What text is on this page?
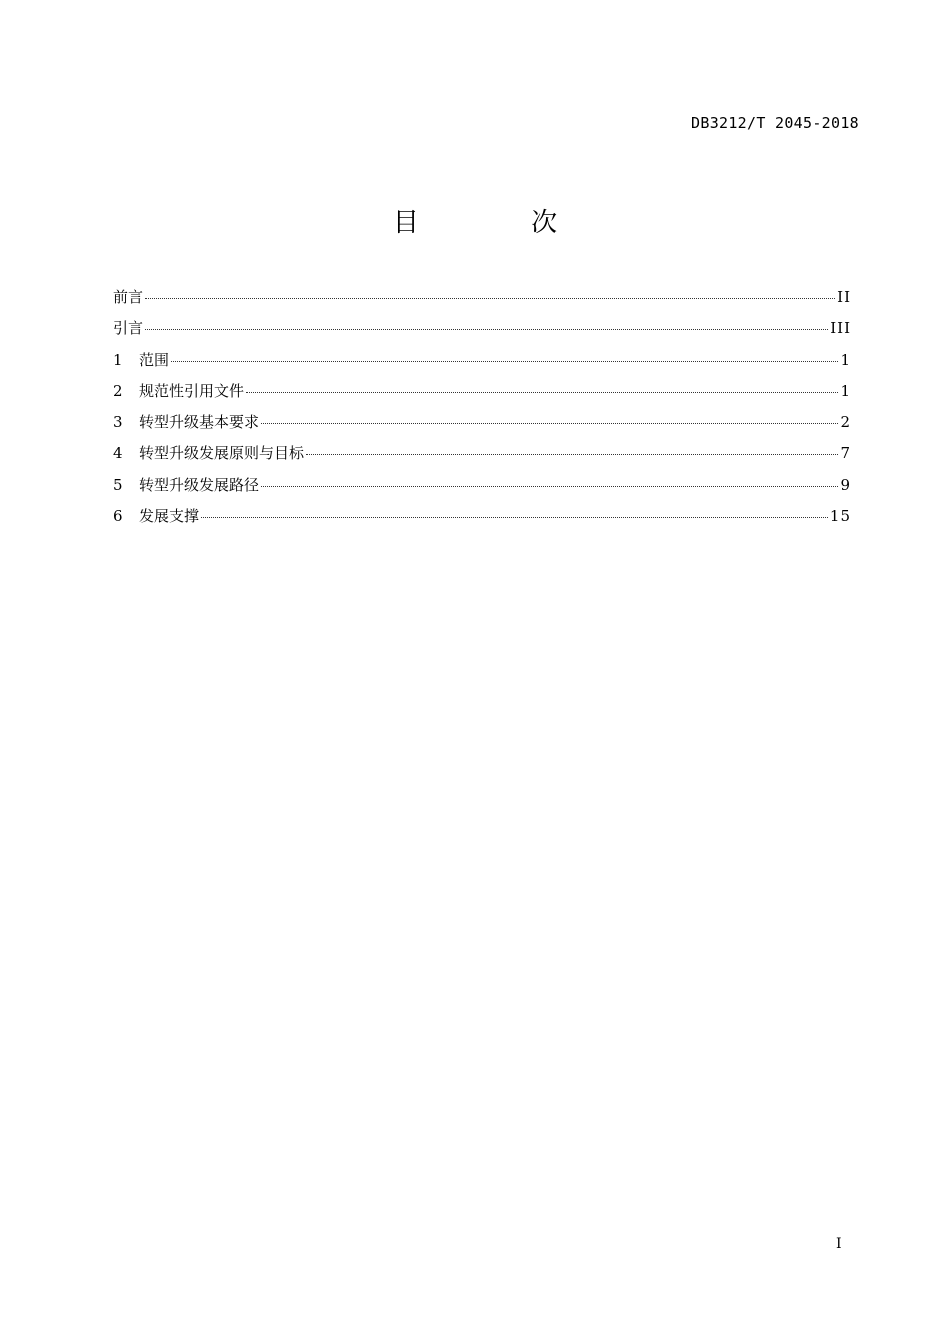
DB3212/T 2045-2018
目 次
前言	II
引言	III
1	范围	1
2	规范性引用文件	1
3	转型升级基本要求	2
4	转型升级发展原则与目标	7
5	转型升级发展路径	9
6	发展支撑	15
I
